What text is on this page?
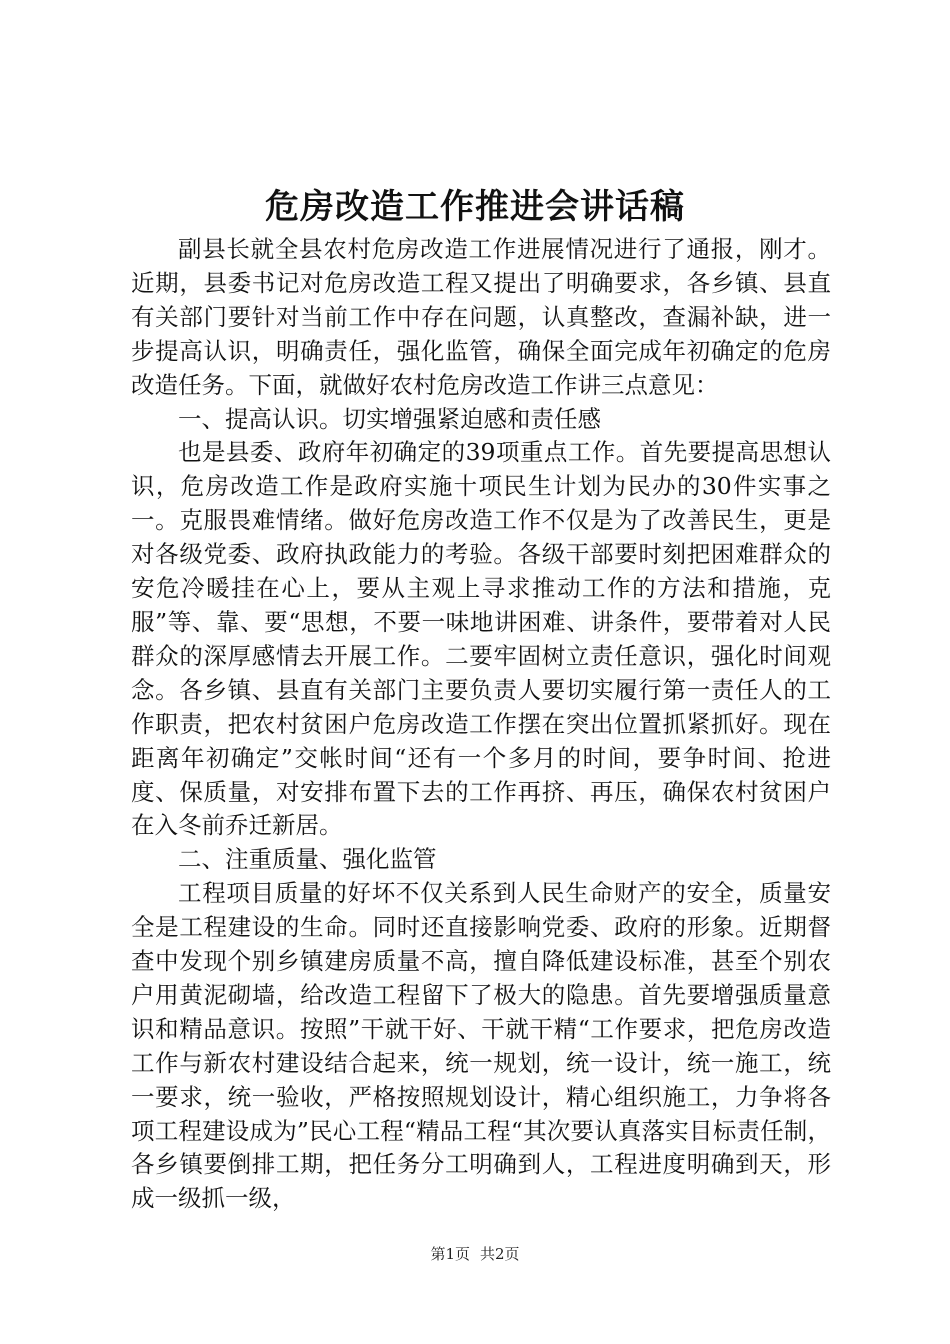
危房改造工作推进会讲话稿

副县长就全县农村危房改造工作进展情况进行了通报，刚才。近期，县委书记对危房改造工程又提出了明确要求，各乡镇、县直有关部门要针对当前工作中存在问题，认真整改，查漏补缺，进一步提高认识，明确责任，强化监管，确保全面完成年初确定的危房改造任务。下面，就做好农村危房改造工作讲三点意见：

一、提高认识。切实增强紧迫感和责任感

也是县委、政府年初确定的39项重点工作。首先要提高思想认识，危房改造工作是政府实施十项民生计划为民办的30件实事之一。克服畏难情绪。做好危房改造工作不仅是为了改善民生，更是对各级党委、政府执政能力的考验。各级干部要时刻把困难群众的安危冷暖挂在心上，要从主观上寻求推动工作的方法和措施，克服”等、靠、要“思想，不要一味地讲困难、讲条件，要带着对人民群众的深厚感情去开展工作。二要牢固树立责任意识，强化时间观念。各乡镇、县直有关部门主要负责人要切实履行第一责任人的工作职责，把农村贫困户危房改造工作摆在突出位置抓紧抓好。现在距离年初确定”交帐时间“还有一个多月的时间，要争时间、抢进度、保质量，对安排布置下去的工作再挤、再压，确保农村贫困户在入冬前乔迁新居。

二、注重质量、强化监管

工程项目质量的好坏不仅关系到人民生命财产的安全，质量安全是工程建设的生命。同时还直接影响党委、政府的形象。近期督查中发现个别乡镇建房质量不高，擅自降低建设标准，甚至个别农户用黄泥砌墙，给改造工程留下了极大的隐患。首先要增强质量意识和精品意识。按照”干就干好、干就干精“工作要求，把危房改造工作与新农村建设结合起来，统一规划，统一设计，统一施工，统一要求，统一验收，严格按照规划设计，精心组织施工，力争将各项工程建设成为”民心工程“精品工程“其次要认真落实目标责任制，各乡镇要倒排工期，把任务分工明确到人，工程进度明确到天，形成一级抓一级，

第1页 共2页
